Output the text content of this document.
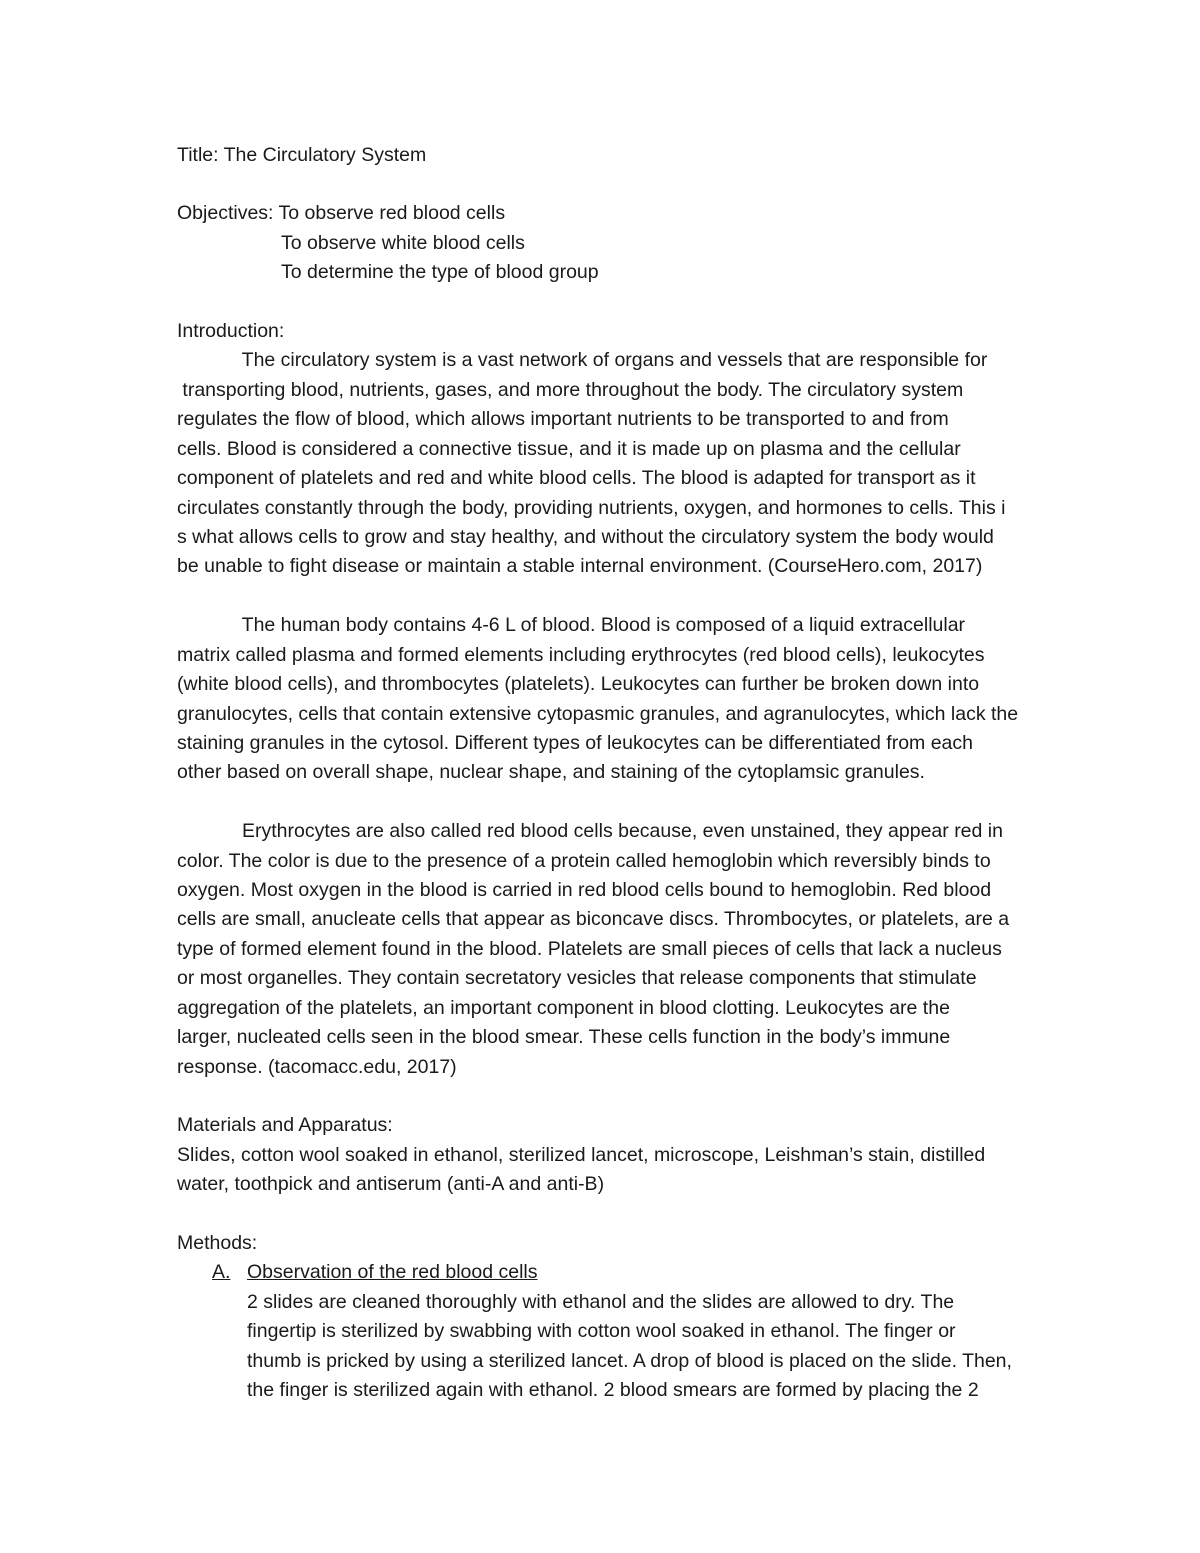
Title: The Circulatory System
Objectives: To observe red blood cells
To observe white blood cells
To determine the type of blood group
Introduction:
The circulatory system is a vast network of organs and vessels that are responsible for
transporting blood, nutrients, gases, and more throughout the body. The circulatory system
regulates the flow of blood, which allows important nutrients to be transported to and from
cells. Blood is considered a connective tissue, and it is made up on plasma and the cellular
component of platelets and red and white blood cells. The blood is adapted for transport as it
circulates constantly through the body, providing nutrients, oxygen, and hormones to cells. This i
s what allows cells to grow and stay healthy, and without the circulatory system the body would
be unable to fight disease or maintain a stable internal environment. (CourseHero.com, 2017)
The human body contains 4-6 L of blood. Blood is composed of a liquid extracellular
matrix called plasma and formed elements including erythrocytes (red blood cells), leukocytes
(white blood cells), and thrombocytes (platelets). Leukocytes can further be broken down into
granulocytes, cells that contain extensive cytopasmic granules, and agranulocytes, which lack the
staining granules in the cytosol. Different types of leukocytes can be differentiated from each
other based on overall shape, nuclear shape, and staining of the cytoplamsic granules.
Erythrocytes are also called red blood cells because, even unstained, they appear red in
color. The color is due to the presence of a protein called hemoglobin which reversibly binds to
oxygen. Most oxygen in the blood is carried in red blood cells bound to hemoglobin. Red blood
cells are small, anucleate cells that appear as biconcave discs. Thrombocytes, or platelets, are a
type of formed element found in the blood. Platelets are small pieces of cells that lack a nucleus
or most organelles. They contain secretatory vesicles that release components that stimulate
aggregation of the platelets, an important component in blood clotting. Leukocytes are the
larger, nucleated cells seen in the blood smear. These cells function in the body’s immune
response. (tacomacc.edu, 2017)
Materials and Apparatus:
Slides, cotton wool soaked in ethanol, sterilized lancet, microscope, Leishman’s stain, distilled
water, toothpick and antiserum (anti-A and anti-B)
Methods:
A. Observation of the red blood cells
2 slides are cleaned thoroughly with ethanol and the slides are allowed to dry. The
fingertip is sterilized by swabbing with cotton wool soaked in ethanol. The finger or
thumb is pricked by using a sterilized lancet. A drop of blood is placed on the slide. Then,
the finger is sterilized again with ethanol. 2 blood smears are formed by placing the 2
